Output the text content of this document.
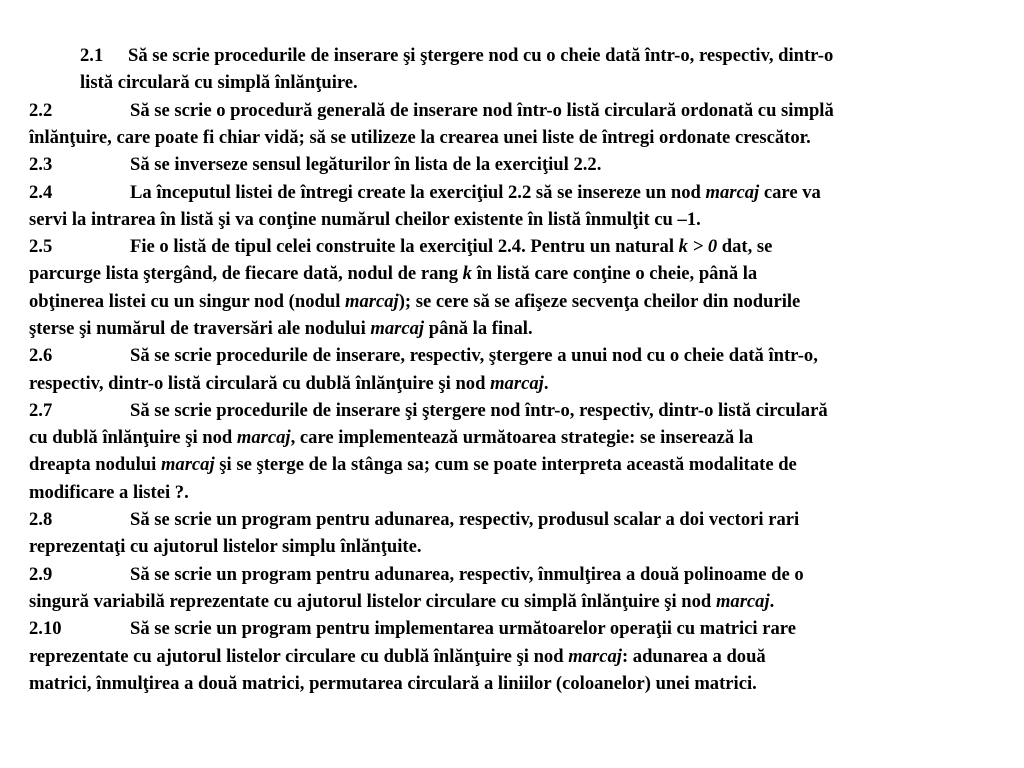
2.1 Să se scrie procedurile de inserare şi ştergere nod cu o cheie dată într-o, respectiv, dintr-o
listă circulară cu simplă înlănţuire.
2.2	Să se scrie o procedură generală de inserare nod într-o listă circulară ordonată cu simplă
înlănţuire, care poate fi chiar vidă; să se utilizeze la crearea unei liste de întregi ordonate crescător.
2.3	Să se inverseze sensul legăturilor în lista de la exerciţiul 2.2.
2.4	La începutul listei de întregi create la exerciţiul 2.2 să se insereze un nod marcaj care va
servi la intrarea în listă şi va conţine numărul cheilor existente în listă înmulţit cu –1.
2.5	Fie o listă de tipul celei construite la exerciţiul 2.4. Pentru un natural k > 0 dat, se
parcurge lista ştergând, de fiecare dată, nodul de rang k în listă care conţine o cheie, până la
obţinerea listei cu un singur nod (nodul marcaj); se cere să se afişeze secvenţa cheilor din nodurile
şterse şi numărul de traversări ale nodului marcaj până la final.
2.6	Să se scrie procedurile de inserare, respectiv, ştergere a unui nod cu o cheie dată într-o,
respectiv, dintr-o listă circulară cu dublă înlănţuire şi nod marcaj.
2.7	Să se scrie procedurile de inserare şi ştergere nod într-o, respectiv, dintr-o listă circulară
cu dublă înlănţuire şi nod marcaj, care implementează următoarea strategie: se inserează la
dreapta nodului marcaj şi se şterge de la stânga sa; cum se poate interpreta această modalitate de
modificare a listei ?.
2.8	Să se scrie un program pentru adunarea, respectiv, produsul scalar a doi vectori rari
reprezentaţi cu ajutorul listelor simplu înlănţuite.
2.9	Să se scrie un program pentru adunarea, respectiv, înmulţirea a două polinoame de o
singură variabilă reprezentate cu ajutorul listelor circulare cu simplă înlănţuire şi nod marcaj.
2.10	Să se scrie un program pentru implementarea următoarelor operaţii cu matrici rare
reprezentate cu ajutorul listelor circulare cu dublă înlănţuire şi nod marcaj: adunarea a două
matrici, înmulţirea a două matrici, permutarea circulară a liniilor (coloanelor) unei matrici.
